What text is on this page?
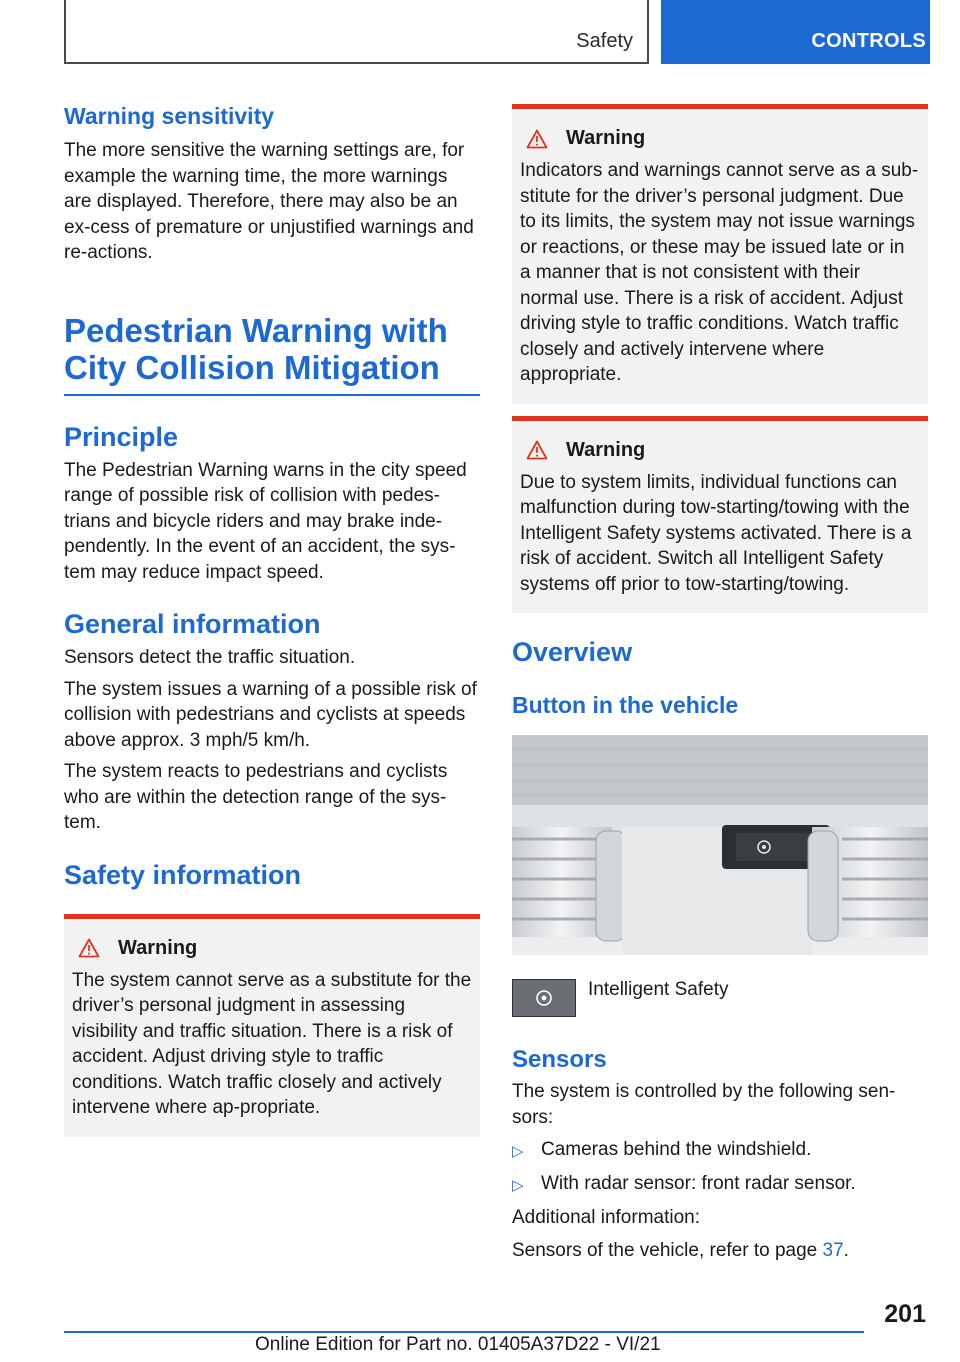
Safety	CONTROLS
Warning sensitivity

The more sensitive the warning settings are, for example the warning time, the more warnings are displayed. Therefore, there may also be an ex-cess of premature or unjustified warnings and re-actions.

Pedestrian Warning with City Collision Mitigation
Principle

The Pedestrian Warning warns in the city speed range of possible risk of collision with pedes-trians and bicycle riders and may brake inde-pendently. In the event of an accident, the sys-tem may reduce impact speed.

General information

Sensors detect the traffic situation.

The system issues a warning of a possible risk of collision with pedestrians and cyclists at speeds above approx. 3 mph/5 km/h.

The system reacts to pedestrians and cyclists who are within the detection range of the sys-tem.

Safety information
Warning

The system cannot serve as a substitute for the driver’s personal judgment in assessing visibility and traffic situation. There is a risk of accident. Adjust driving style to traffic conditions. Watch traffic closely and actively intervene where ap-propriate.

Warning

Indicators and warnings cannot serve as a sub-stitute for the driver’s personal judgment. Due to its limits, the system may not issue warnings or reactions, or these may be issued late or in a manner that is not consistent with their normal use. There is a risk of accident. Adjust driving style to traffic conditions. Watch traffic closely and actively intervene where appropriate.

Warning

Due to system limits, individual functions can malfunction during tow-starting/towing with the Intelligent Safety systems activated. There is a risk of accident. Switch all Intelligent Safety systems off prior to tow-starting/towing.

Overview
Button in the vehicle
Intelligent Safety
Sensors

The system is controlled by the following sen-sors:

▷ Cameras behind the windshield.
▷ With radar sensor: front radar sensor.

Additional information:

Sensors of the vehicle, refer to page 37.

201
Online Edition for Part no. 01405A37D22 - VI/21
